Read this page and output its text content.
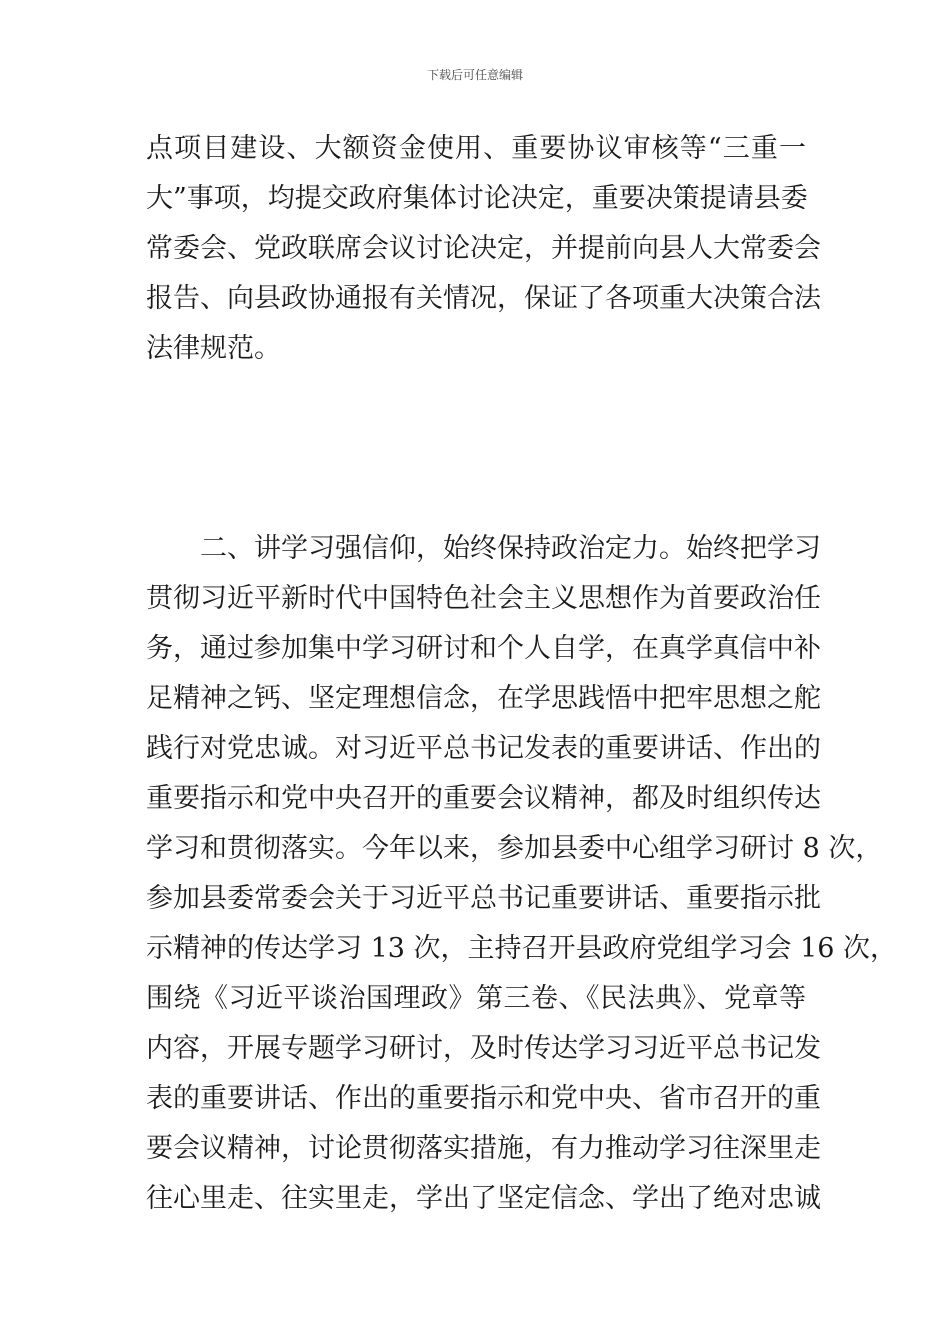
下载后可任意编辑
点项目建设、大额资金使用、重要协议审核等“三重一
大”事项，均提交政府集体讨论决定，重要决策提请县委
常委会、党政联席会议讨论决定，并提前向县人大常委会
报告、向县政协通报有关情况，保证了各项重大决策合法
法律规范。
二、讲学习强信仰，始终保持政治定力。始终把学习
贯彻习近平新时代中国特色社会主义思想作为首要政治任
务，通过参加集中学习研讨和个人自学，在真学真信中补
足精神之钙、坚定理想信念，在学思践悟中把牢思想之舵
践行对党忠诚。对习近平总书记发表的重要讲话、作出的
重要指示和党中央召开的重要会议精神，都及时组织传达
学习和贯彻落实。今年以来，参加县委中心组学习研讨 8 次，
参加县委常委会关于习近平总书记重要讲话、重要指示批
示精神的传达学习 13 次，主持召开县政府党组学习会 16 次，
围绕《习近平谈治国理政》第三卷、《民法典》、党章等
内容，开展专题学习研讨，及时传达学习习近平总书记发
表的重要讲话、作出的重要指示和党中央、省市召开的重
要会议精神，讨论贯彻落实措施，有力推动学习往深里走
往心里走、往实里走，学出了坚定信念、学出了绝对忠诚
